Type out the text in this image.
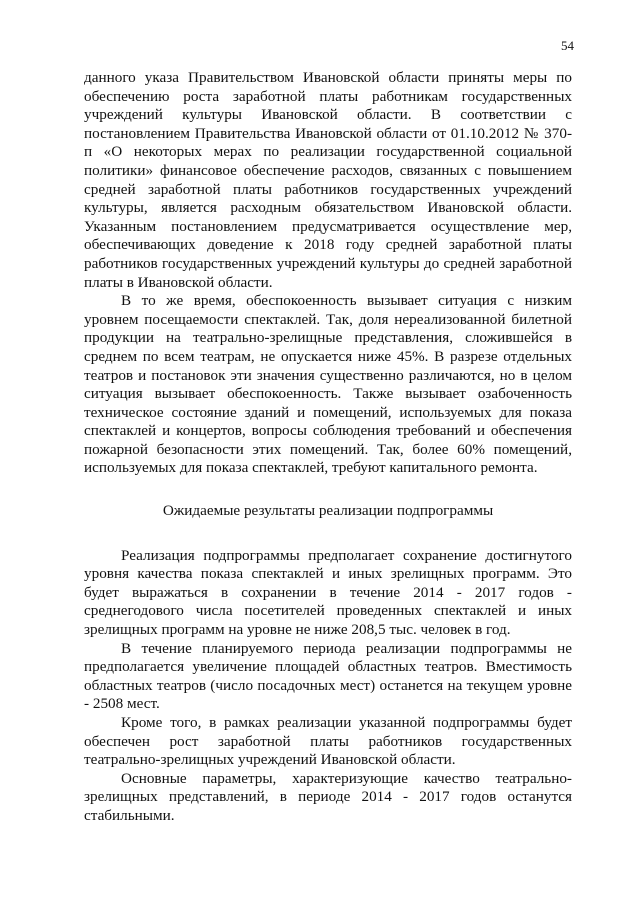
54

данного указа Правительством Ивановской области приняты меры по обеспечению роста заработной платы работникам государственных учреждений культуры Ивановской области. В соответствии с постановлением Правительства Ивановской области от 01.10.2012 № 370-п «О некоторых мерах по реализации государственной социальной политики» финансовое обеспечение расходов, связанных с повышением средней заработной платы работников государственных учреждений культуры, является расходным обязательством Ивановской области. Указанным постановлением предусматривается осуществление мер, обеспечивающих доведение к 2018 году средней заработной платы работников государственных учреждений культуры до средней заработной платы в Ивановской области.

В то же время, обеспокоенность вызывает ситуация с низким уровнем посещаемости спектаклей. Так, доля нереализованной билетной продукции на театрально-зрелищные представления, сложившейся в среднем по всем театрам, не опускается ниже 45%. В разрезе отдельных театров и постановок эти значения существенно различаются, но в целом ситуация вызывает обеспокоенность. Также вызывает озабоченность техническое состояние зданий и помещений, используемых для показа спектаклей и концертов, вопросы соблюдения требований и обеспечения пожарной безопасности этих помещений. Так, более 60% помещений, используемых для показа спектаклей, требуют капитального ремонта.

Ожидаемые результаты реализации подпрограммы

Реализация подпрограммы предполагает сохранение достигнутого уровня качества показа спектаклей и иных зрелищных программ. Это будет выражаться в сохранении в течение 2014 - 2017 годов - среднегодового числа посетителей проведенных спектаклей и иных зрелищных программ на уровне не ниже 208,5 тыс. человек в год.

В течение планируемого периода реализации подпрограммы не предполагается увеличение площадей областных театров. Вместимость областных театров (число посадочных мест) останется на текущем уровне - 2508 мест.

Кроме того, в рамках реализации указанной подпрограммы будет обеспечен рост заработной платы работников государственных театрально-зрелищных учреждений Ивановской области.

Основные параметры, характеризующие качество театрально-зрелищных представлений, в периоде 2014 - 2017 годов останутся стабильными.
